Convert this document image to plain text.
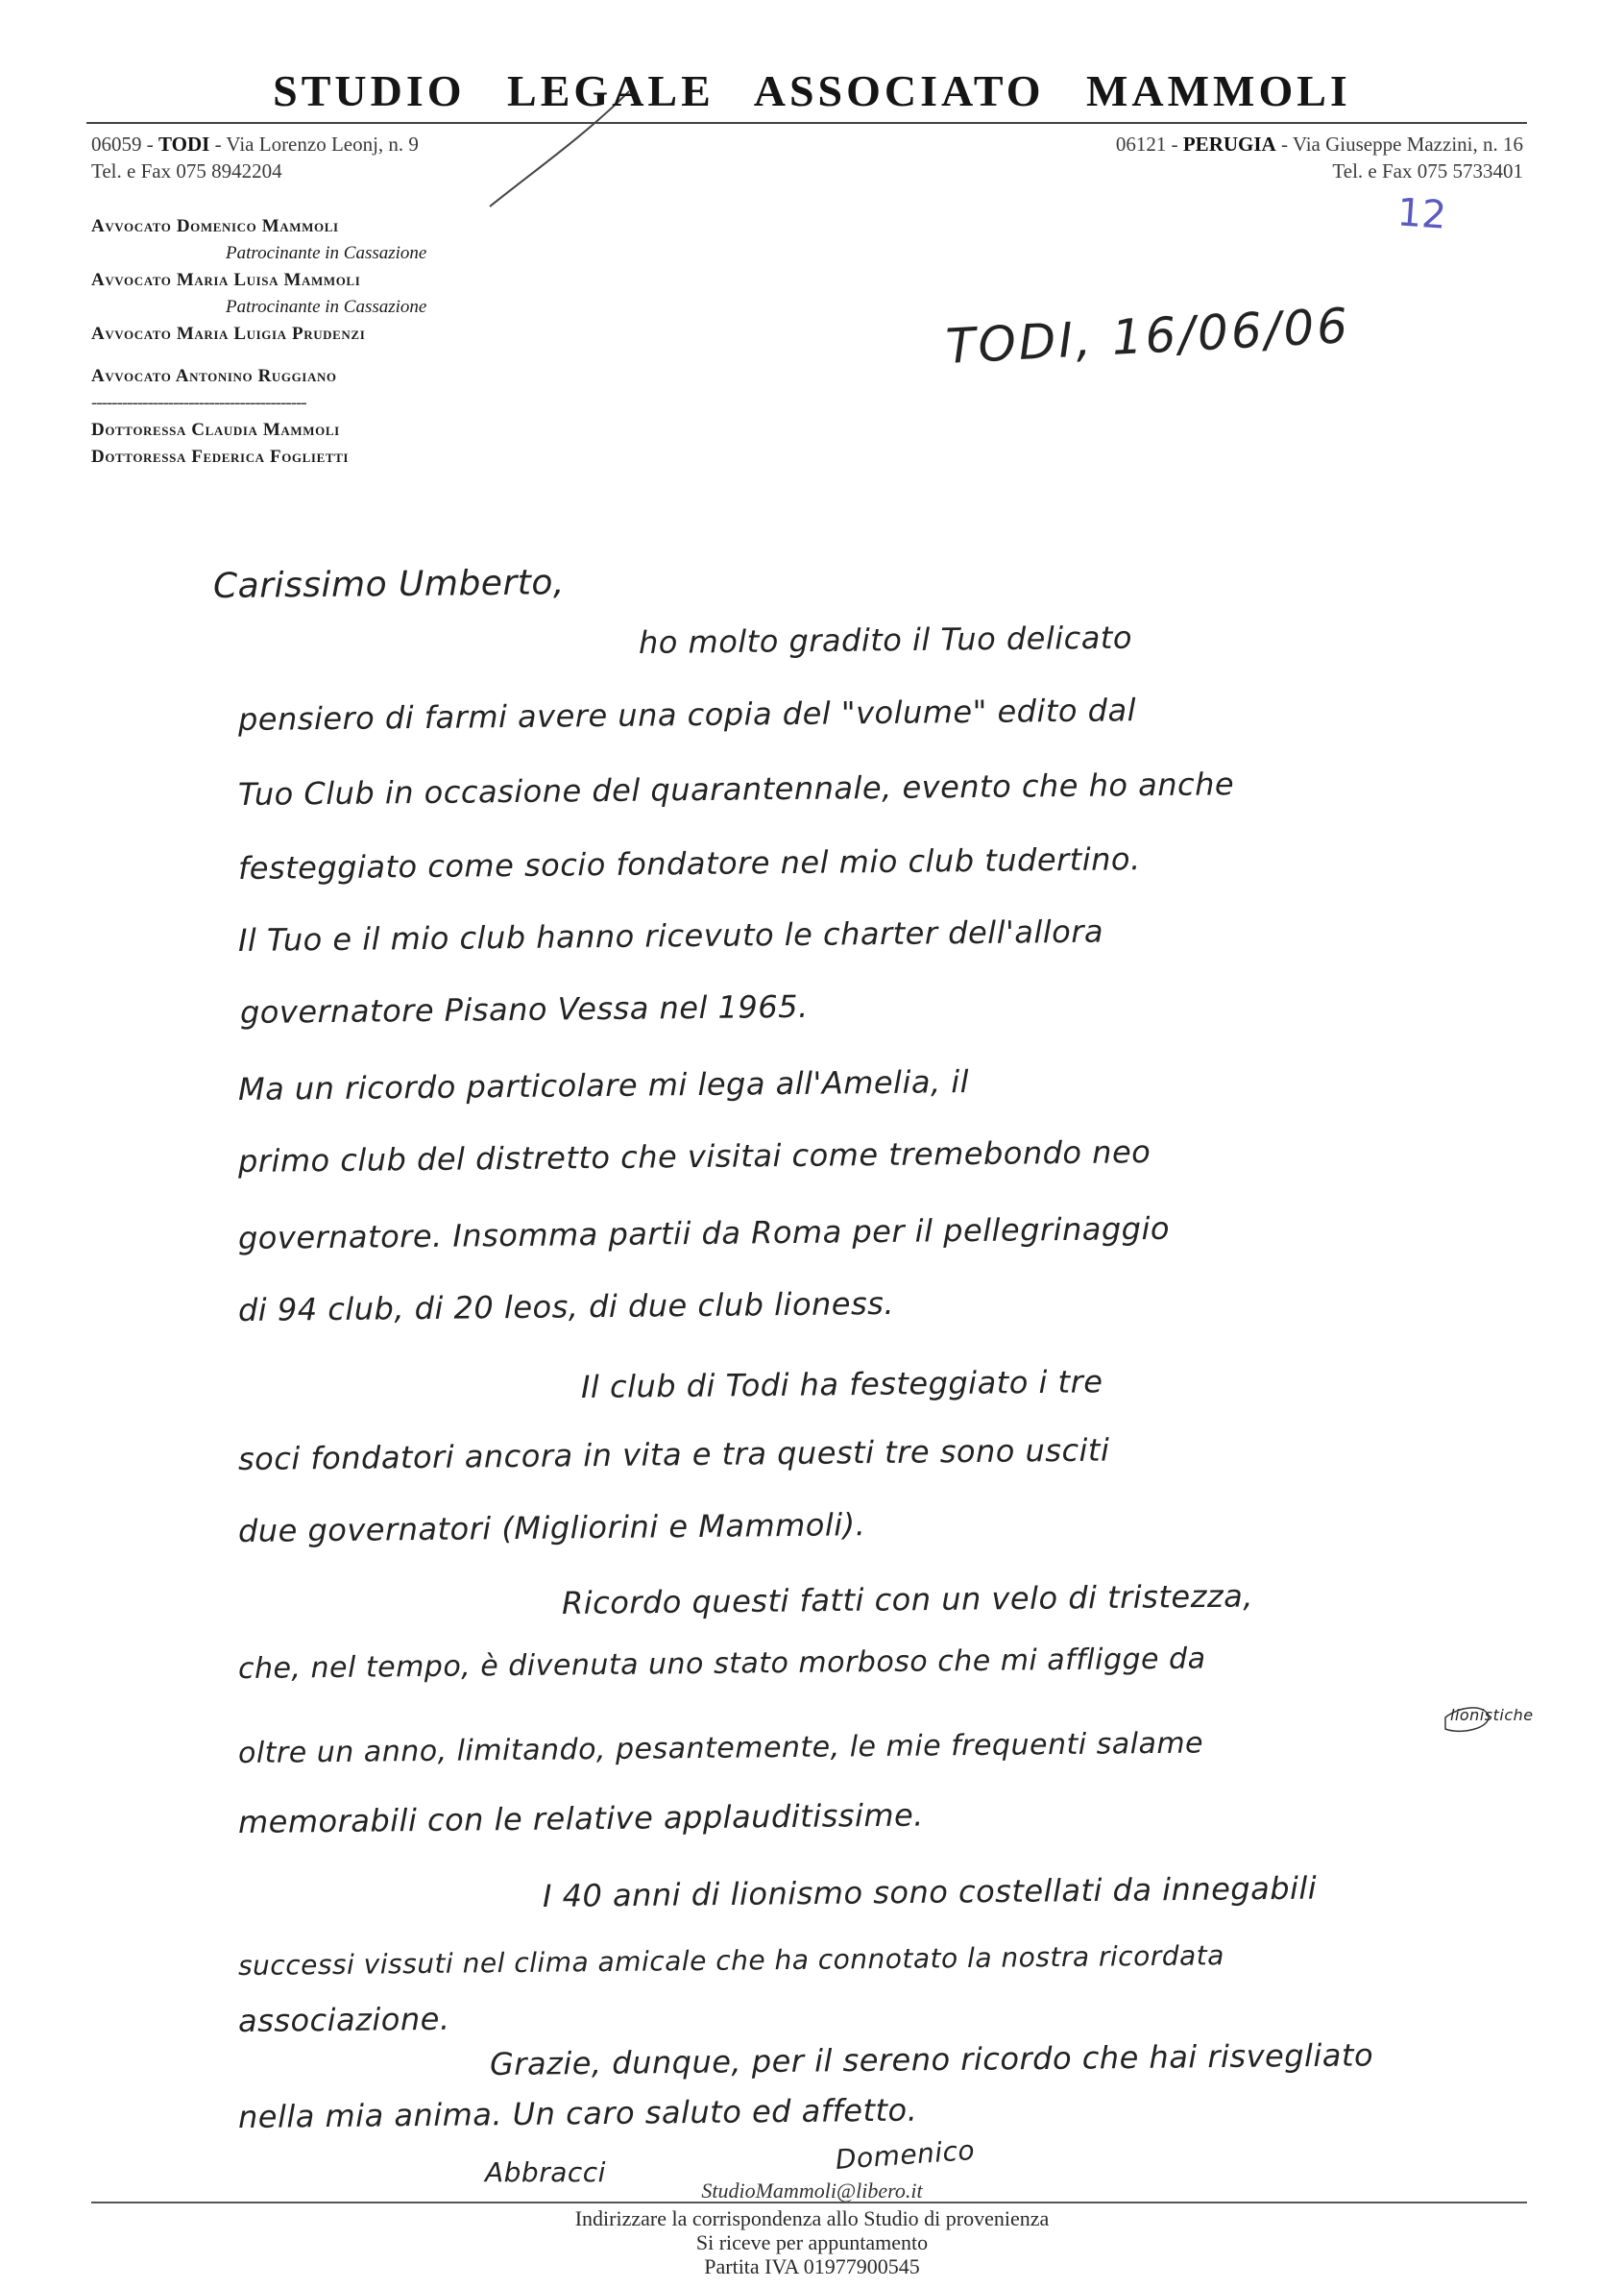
STUDIO LEGALE ASSOCIATO MAMMOLI
06059 - TODI - Via Lorenzo Leonj, n. 9
Tel. e Fax 075 8942204
06121 - PERUGIA - Via Giuseppe Mazzini, n. 16
Tel. e Fax 075 5733401
12
Avvocato Domenico Mammoli
Patrocinante in Cassazione
Avvocato Maria Luisa Mammoli
Patrocinante in Cassazione
Avvocato Maria Luigia Prudenzi
Avvocato Antonino Ruggiano
------------------------------------------
Dottoressa Claudia Mammoli
Dottoressa Federica Foglietti
TODI, 16/06/06
Carissimo Umberto,
ho molto gradito il Tuo delicato
pensiero di farmi avere una copia del "volume" edito dal
Tuo Club in occasione del quarantennale, evento che ho anche
festeggiato come socio fondatore nel mio club tudertino.
Il Tuo e il mio club hanno ricevuto le charter dell'allora
governatore Pisano Vessa nel 1965.
Ma un ricordo particolare mi lega all'Amelia, il
primo club del distretto che visitai come tremebondo neo
governatore. Insomma partii da Roma per il pellegrinaggio
di 94 club, di 20 leos, di due club lioness.
Il club di Todi ha festeggiato i tre
soci fondatori ancora in vita e tra questi tre sono usciti
due governatori (Migliorini e Mammoli).
Ricordo questi fatti con un velo di tristezza,
che, nel tempo, è divenuta uno stato morboso che mi affligge da
lionistiche
oltre un anno, limitando, pesantemente, le mie frequenti salame
memorabili con le relative applauditissime.
I 40 anni di lionismo sono costellati da innegabili
successi vissuti nel clima amicale che ha connotato la nostra ricordata
associazione.
Grazie, dunque, per il sereno ricordo che hai risvegliato
nella mia anima. Un caro saluto ed affetto.
Abbracci	Domenico
StudioMammoli@libero.it
Indirizzare la corrispondenza allo Studio di provenienza
Si riceve per appuntamento
Partita IVA 01977900545
